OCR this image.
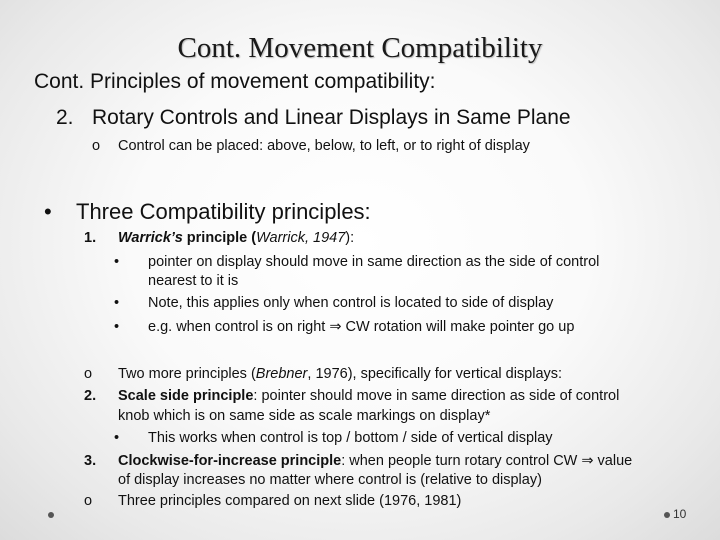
Cont. Movement Compatibility
Cont. Principles of movement compatibility:
2. Rotary Controls and Linear Displays in Same Plane
o Control can be placed: above, below, to left, or to right of display
• Three Compatibility principles:
1. Warrick’s principle (Warrick, 1947):
• pointer on display should move in same direction as the side of control
nearest to it is
• Note, this applies only when control is located to side of display
• e.g. when control is on right ⇒ CW rotation will make pointer go up
o Two more principles (Brebner, 1976), specifically for vertical displays:
2. Scale side principle: pointer should move in same direction as side of control
knob which is on same side as scale markings on display*
• This works when control is top / bottom / side of vertical display
3. Clockwise-for-increase principle: when people turn rotary control CW ⇒ value
of display increases no matter where control is (relative to display)
o Three principles compared on next slide (1976, 1981)
10
